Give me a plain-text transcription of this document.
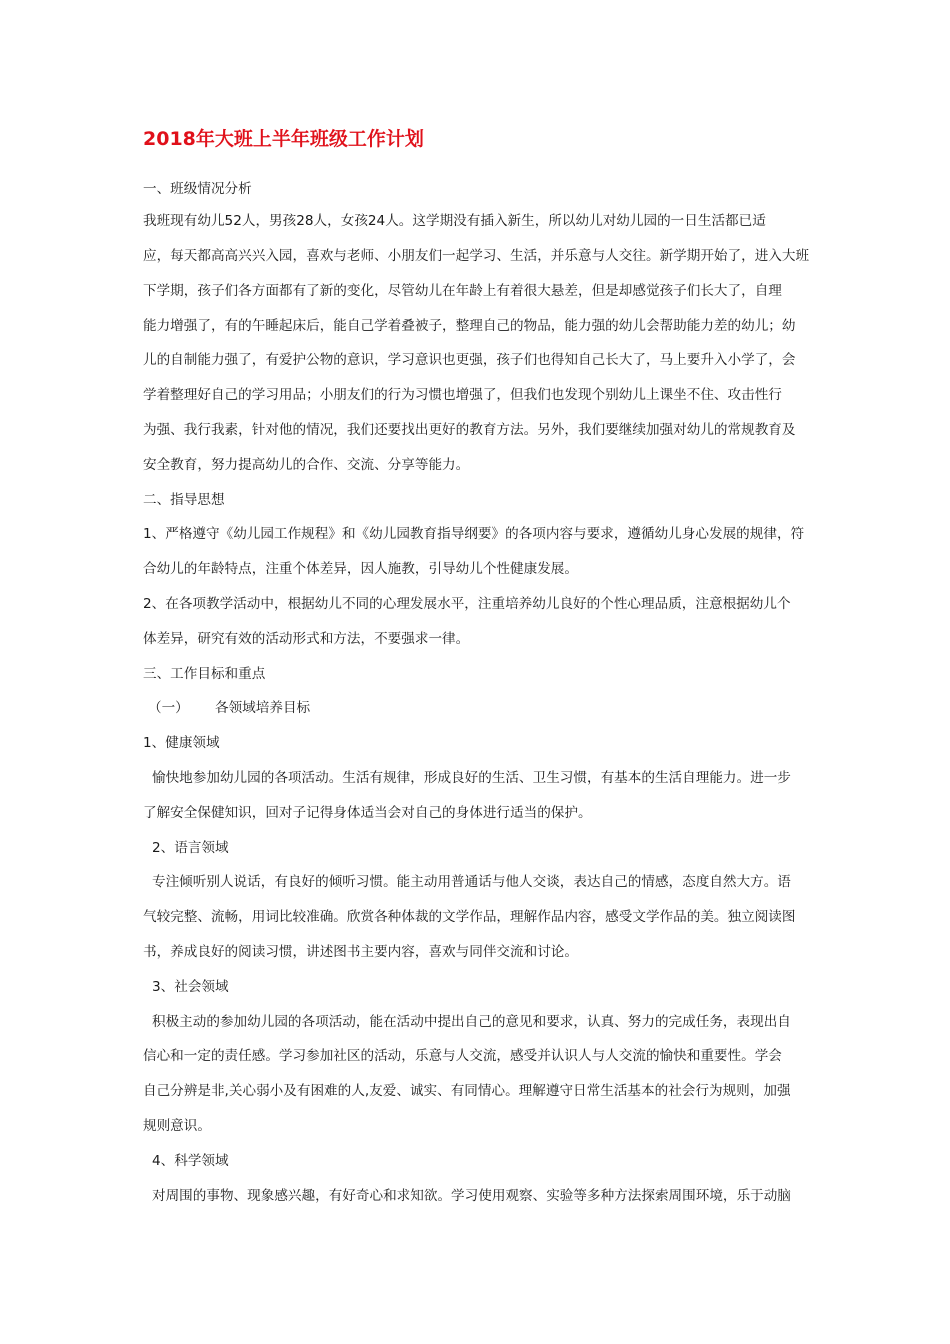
2018年大班上半年班级工作计划

一、班级情况分析

我班现有幼儿52人，男孩28人，女孩24人。这学期没有插入新生，所以幼儿对幼儿园的一日生活都已适

应，每天都高高兴兴入园，喜欢与老师、小朋友们一起学习、生活，并乐意与人交往。新学期开始了，进入大班

下学期，孩子们各方面都有了新的变化，尽管幼儿在年龄上有着很大悬差，但是却感觉孩子们长大了，自理

能力增强了，有的午睡起床后，能自己学着叠被子，整理自己的物品，能力强的幼儿会帮助能力差的幼儿；幼

儿的自制能力强了，有爱护公物的意识，学习意识也更强，孩子们也得知自己长大了，马上要升入小学了，会

学着整理好自己的学习用品；小朋友们的行为习惯也增强了，但我们也发现个别幼儿上课坐不住、攻击性行

为强、我行我素，针对他的情况，我们还要找出更好的教育方法。另外，我们要继续加强对幼儿的常规教育及

安全教育，努力提高幼儿的合作、交流、分享等能力。

二、指导思想

1、严格遵守《幼儿园工作规程》和《幼儿园教育指导纲要》的各项内容与要求，遵循幼儿身心发展的规律，符

合幼儿的年龄特点，注重个体差异，因人施教，引导幼儿个性健康发展。

2、在各项教学活动中，根据幼儿不同的心理发展水平，注重培养幼儿良好的个性心理品质，注意根据幼儿个

体差异，研究有效的活动形式和方法，不要强求一律。

三、工作目标和重点

（一） 各领域培养目标

1、健康领域

愉快地参加幼儿园的各项活动。生活有规律，形成良好的生活、卫生习惯，有基本的生活自理能力。进一步

了解安全保健知识，回对子记得身体适当会对自己的身体进行适当的保护。

2、语言领域

专注倾听别人说话，有良好的倾听习惯。能主动用普通话与他人交谈，表达自己的情感，态度自然大方。语

气较完整、流畅，用词比较准确。欣赏各种体裁的文学作品，理解作品内容，感受文学作品的美。独立阅读图

书，养成良好的阅读习惯，讲述图书主要内容，喜欢与同伴交流和讨论。

3、社会领域

积极主动的参加幼儿园的各项活动，能在活动中提出自己的意见和要求，认真、努力的完成任务，表现出自

信心和一定的责任感。学习参加社区的活动，乐意与人交流，感受并认识人与人交流的愉快和重要性。学会

自己分辨是非,关心弱小及有困难的人,友爱、诚实、有同情心。理解遵守日常生活基本的社会行为规则，加强

规则意识。

4、科学领域

对周围的事物、现象感兴趣，有好奇心和求知欲。学习使用观察、实验等多种方法探索周围环境，乐于动脑
